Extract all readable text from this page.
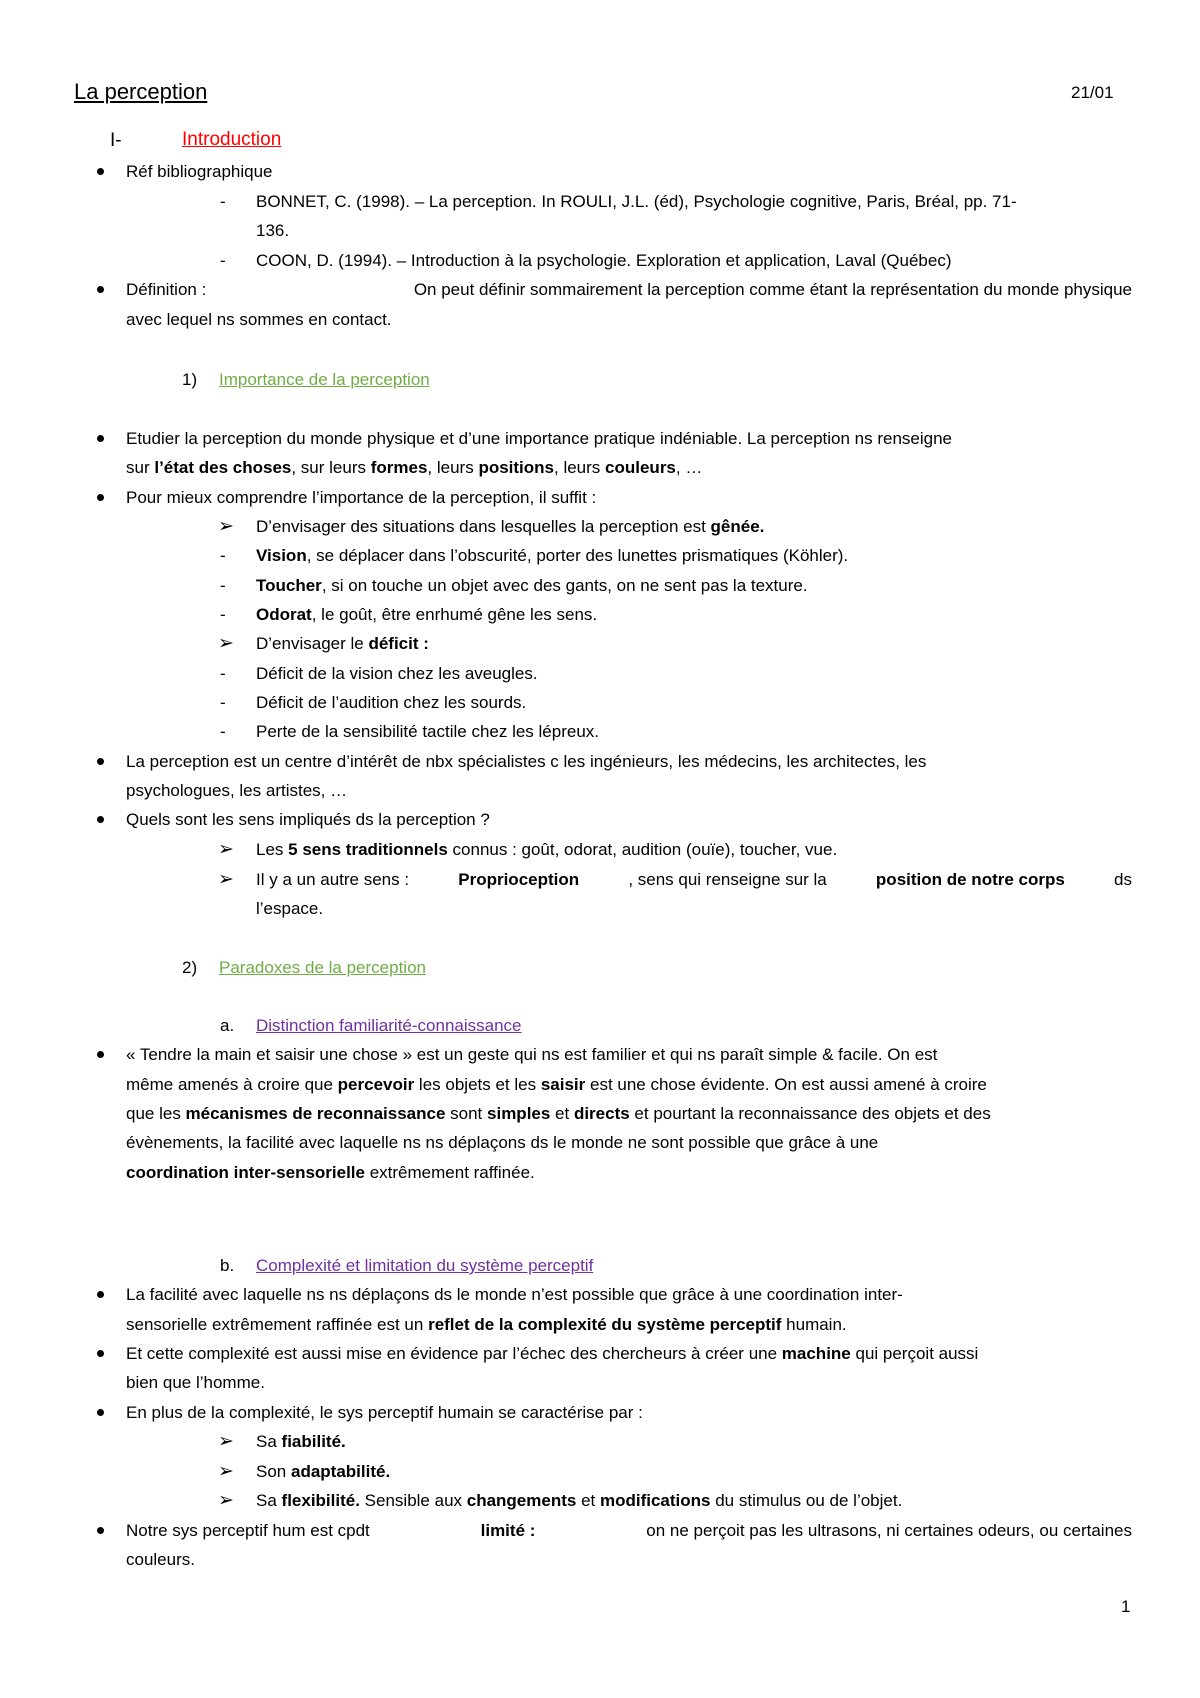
La perception	21/01
I-	Introduction
Réf bibliographique
- BONNET, C. (1998). – La perception. In ROULI, J.L. (éd), Psychologie cognitive, Paris, Bréal, pp. 71-
136.
- COON, D. (1994). – Introduction à la psychologie. Exploration et application, Laval (Québec)
Définition :	On peut définir sommairement la perception comme étant la représentation du monde physique
avec lequel ns sommes en contact.
1) Importance de la perception
Etudier la perception du monde physique et d’une importance pratique indéniable. La perception ns renseigne
sur l’état des choses, sur leurs formes, leurs positions, leurs couleurs, …
Pour mieux comprendre l’importance de la perception, il suffit :
➢ D’envisager des situations dans lesquelles la perception est gênée.
- Vision, se déplacer dans l’obscurité, porter des lunettes prismatiques (Köhler).
- Toucher, si on touche un objet avec des gants, on ne sent pas la texture.
- Odorat, le goût, être enrhumé gêne les sens.
➢ D’envisager le déficit :
- Déficit de la vision chez les aveugles.
- Déficit de l’audition chez les sourds.
- Perte de la sensibilité tactile chez les lépreux.
La perception est un centre d’intérêt de nbx spécialistes c les ingénieurs, les médecins, les architectes, les
psychologues, les artistes, …
Quels sont les sens impliqués ds la perception ?
➢ Les 5 sens traditionnels connus : goût, odorat, audition (ouïe), toucher, vue.
➢ Il y a un autre sens :	Proprioception	, sens qui renseigne sur la	position de notre corps	ds
l’espace.
2) Paradoxes de la perception
a. Distinction familiarité-connaissance
« Tendre la main et saisir une chose » est un geste qui ns est familier et qui ns paraît simple & facile. On est
même amenés à croire que percevoir les objets et les saisir est une chose évidente. On est aussi amené à croire
que les mécanismes de reconnaissance sont simples et directs et pourtant la reconnaissance des objets et des
évènements, la facilité avec laquelle ns ns déplaçons ds le monde ne sont possible que grâce à une
coordination inter-sensorielle extrêmement raffinée.
b. Complexité et limitation du système perceptif
La facilité avec laquelle ns ns déplaçons ds le monde n’est possible que grâce à une coordination inter-
sensorielle extrêmement raffinée est un reflet de la complexité du système perceptif humain.
Et cette complexité est aussi mise en évidence par l’échec des chercheurs à créer une machine qui perçoit aussi
bien que l’homme.
En plus de la complexité, le sys perceptif humain se caractérise par :
➢ Sa fiabilité.
➢ Son adaptabilité.
➢ Sa flexibilité. Sensible aux changements et modifications du stimulus ou de l’objet.
Notre sys perceptif hum est cpdt	limité :	on ne perçoit pas les ultrasons, ni certaines odeurs, ou certaines
couleurs.
1
